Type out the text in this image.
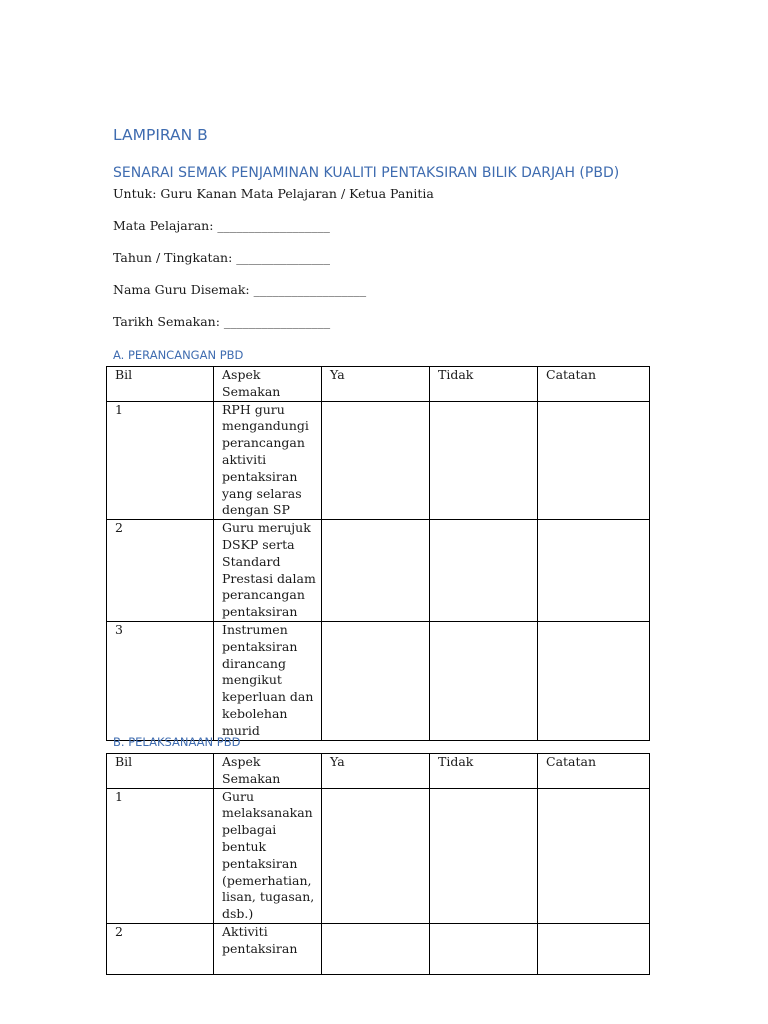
LAMPIRAN B
SENARAI SEMAK PENJAMINAN KUALITI PENTAKSIRAN BILIK DARJAH (PBD)
Untuk: Guru Kanan Mata Pelajaran / Ketua Panitia
Mata Pelajaran: __________________
Tahun / Tingkatan: _______________
Nama Guru Disemak: __________________
Tarikh Semakan: _________________
A. PERANCANGAN PBD
Bil	Aspek Semakan	Ya	Tidak	Catatan
1	RPH guru mengandungi perancangan aktiviti pentaksiran yang selaras dengan SP			
2	Guru merujuk DSKP serta Standard Prestasi dalam perancangan pentaksiran			
3	Instrumen pentaksiran dirancang mengikut keperluan dan kebolehan murid			
B. PELAKSANAAN PBD
Bil	Aspek Semakan	Ya	Tidak	Catatan
1	Guru melaksanakan pelbagai bentuk pentaksiran (pemerhatian, lisan, tugasan, dsb.)			
2	Aktiviti pentaksiran			
